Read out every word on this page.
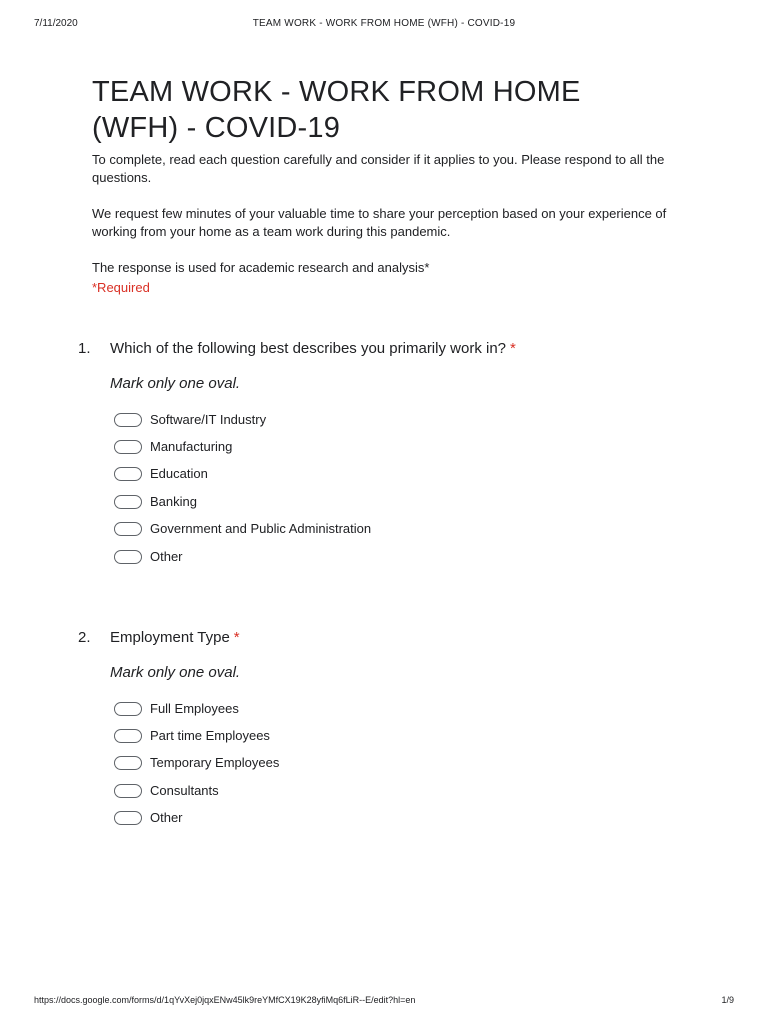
7/11/2020	TEAM WORK - WORK FROM HOME (WFH) - COVID-19
TEAM WORK - WORK FROM HOME
(WFH) - COVID-19

To complete, read each question carefully and consider if it applies to you. Please respond to all the questions.

We request few minutes of your valuable time to share your perception based on your experience of working from your home as a team work during this pandemic.

The response is used for academic research and analysis*

*Required
1. Which of the following best describes you primarily work in? *
Mark only one oval.
Software/IT Industry
Manufacturing
Education
Banking
Government and Public Administration
Other
2. Employment Type *
Mark only one oval.
Full Employees
Part time Employees
Temporary Employees
Consultants
Other
https://docs.google.com/forms/d/1qYvXej0jqxENw45lk9reYMfCX19K28yfiMq6fLiR--E/edit?hl=en	1/9
